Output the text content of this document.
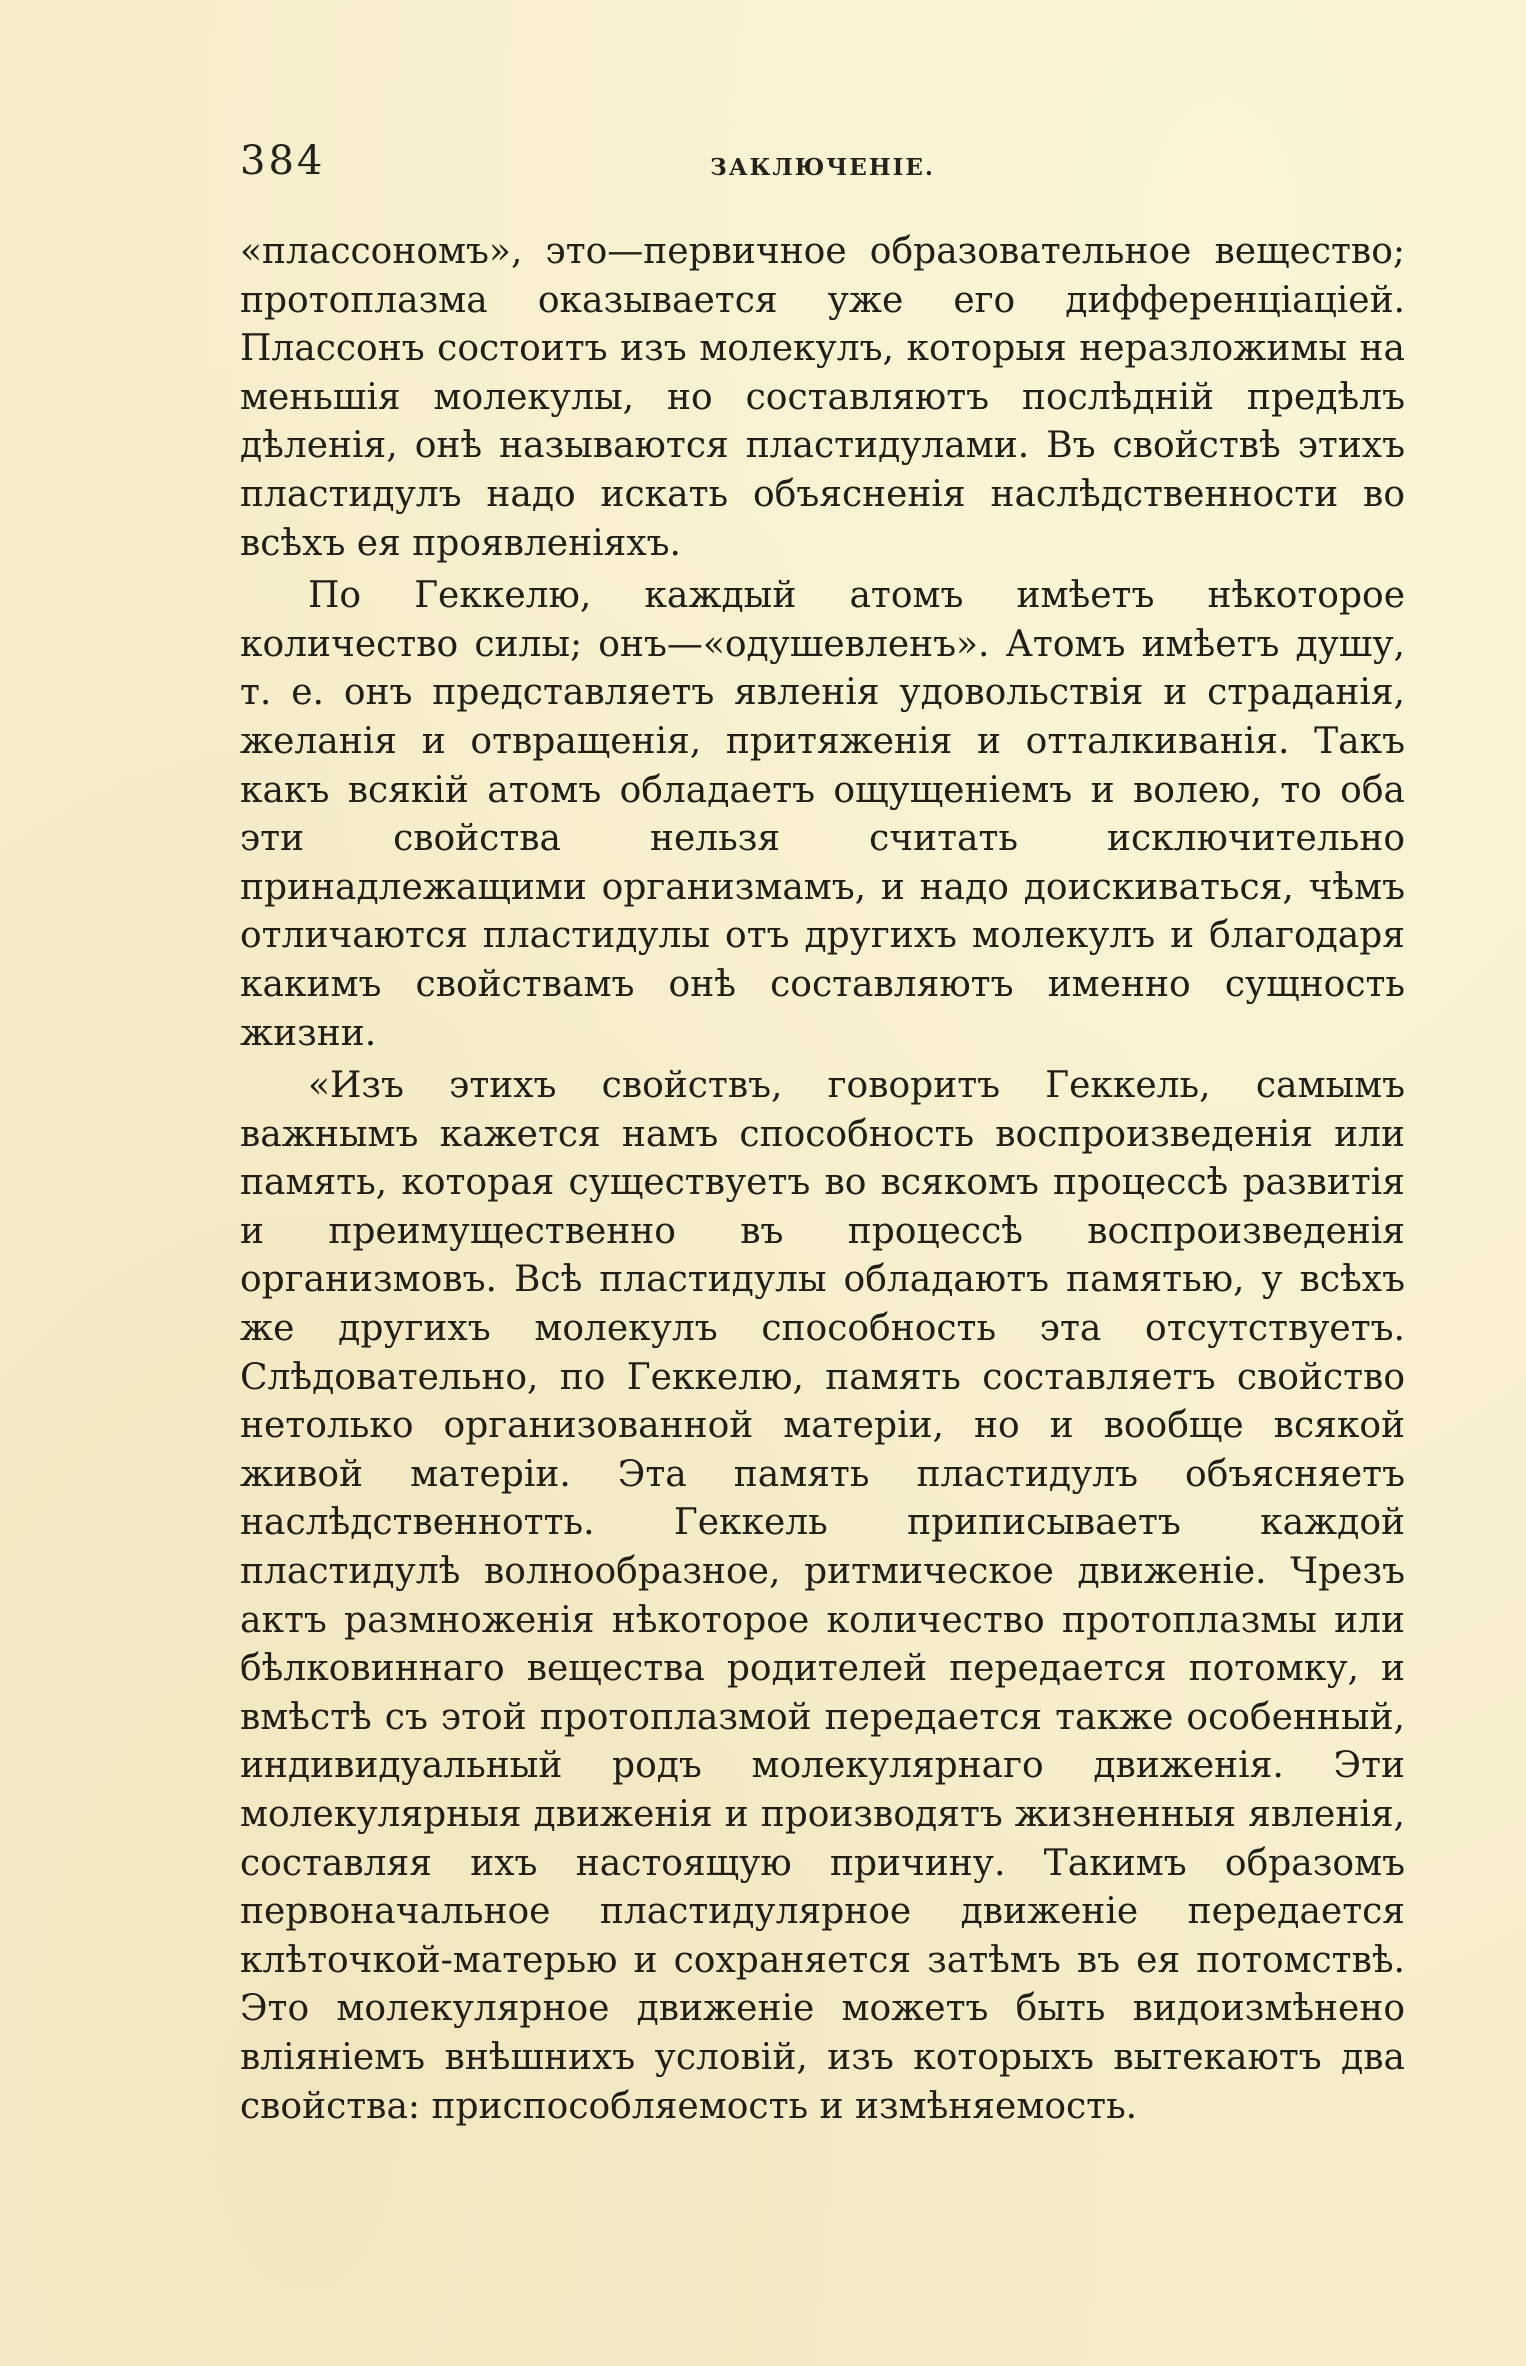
384	ЗАКЛЮЧЕНІЕ.

«плассономъ», это—первичное образовательное вещество; протоплазма оказывается уже его дифференціаціей. Плассонъ состоитъ изъ молекулъ, которыя неразложимы на меньшія молекулы, но составляютъ послѣдній предѣлъ дѣленія, онѣ называются пластидулами. Въ свойствѣ этихъ пластидулъ надо искать объясненія наслѣдственности во всѣхъ ея проявленіяхъ.

По Геккелю, каждый атомъ имѣетъ нѣкоторое количество силы; онъ—«одушевленъ». Атомъ имѣетъ душу, т. е. онъ представляетъ явленія удовольствія и страданія, желанія и отвращенія, притяженія и отталкиванія. Такъ какъ всякій атомъ обладаетъ ощущеніемъ и волею, то оба эти свойства нельзя считать исключительно принадлежащими организмамъ, и надо доискиваться, чѣмъ отличаются пластидулы отъ другихъ молекулъ и благодаря какимъ свойствамъ онѣ составляютъ именно сущность жизни.

«Изъ этихъ свойствъ, говоритъ Геккель, самымъ важнымъ кажется намъ способность воспроизведенія или память, которая существуетъ во всякомъ процессѣ развитія и преимущественно въ процессѣ воспроизведенія организмовъ. Всѣ пластидулы обладаютъ памятью, у всѣхъ же другихъ молекулъ способность эта отсутствуетъ. Слѣдовательно, по Геккелю, память составляетъ свойство нетолько организованной матеріи, но и вообще всякой живой матеріи. Эта память пластидулъ объясняетъ наслѣдственнотть. Геккель приписываетъ каждой пластидулѣ волнообразное, ритмическое движеніе. Чрезъ актъ размноженія нѣкоторое количество протоплазмы или бѣлковиннаго вещества родителей передается потомку, и вмѣстѣ съ этой протоплазмой передается также особенный, индивидуальный родъ молекулярнаго движенія. Эти молекулярныя движенія и производятъ жизненныя явленія, составляя ихъ настоящую причину. Такимъ образомъ первоначальное пластидулярное движеніе передается клѣточкой-матерью и сохраняется затѣмъ въ ея потомствѣ. Это молекулярное движеніе можетъ быть видоизмѣнено вліяніемъ внѣшнихъ условій, изъ которыхъ вытекаютъ два свойства: приспособляемость и измѣняемость.
